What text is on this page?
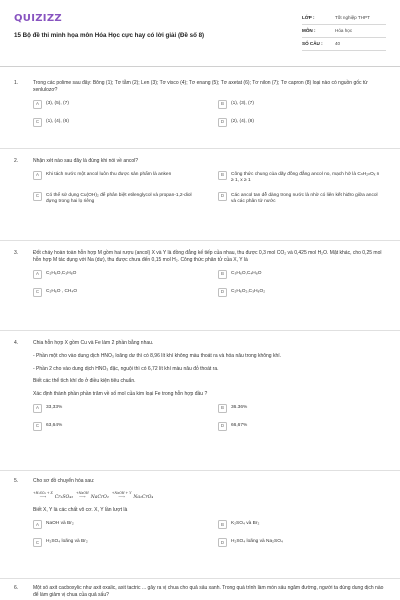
QUIZIZZ
15 Bộ đề thi minh họa môn Hóa Học cực hay có lời giải (Đề số 8)
LỚP :	Tốt nghiệp THPT
MÔN :	Hóa học
SỐ CÂU :	40
1.	Trong các polime sau đây: Bông (1); Tơ tằm (2); Len (3); Tơ visco (4); Tơ enang (5); Tơ axetat (6); Tơ nilon (7); Tơ capron (8) loại nào có nguồn gốc từ xenlulozơ?

A	(3), (5), (7)	B	(1), (3), (7)
C	(1), (4), (6)	D	(2), (4), (8)
2.	Nhận xét nào sau đây là đúng khi nói về ancol?

A	Khi tách nước một ancol luôn thu được sản phẩm là anken	B	Công thức chung của dãy đồng đẳng ancol no, mạch hở là CₙH₂ₙOₓ n ≥ 1, x ≥ 1
C	Có thể sử dụng Cu(OH)₂ để phân biệt etilenglycol và propan-1,2-diol đựng trong hai lọ riêng
D	Các ancol tan dễ dàng trong nước là nhờ có liên kết hiđro giữa ancol và các phân tử nước
3.	Đốt cháy hoàn toàn hỗn hợp M gồm hai rượu (ancol) X và Y là đồng đẳng kế tiếp của nhau, thu được 0,3 mol CO₂ và 0,425 mol H₂O. Mặt khác, cho 0,25 mol hỗn hợp M tác dụng với Na (dư), thu được chưa đến 0,15 mol H₂. Công thức phân tử của X, Y là

A	C₂H₆O,C₃H₈O	B	C₃H₆O,C₄H₈O
C	C₂H₆O , CH₄O	D	C₂H₆O₂,C₃H₈O₂
4.	Chia hỗn hợp X gồm Cu và Fe làm 2 phần bằng nhau.

- Phần một cho vào dung dịch HNO₃ loãng dư thì có 8,96 lít khí không màu thoát ra và hóa nâu trong không khí.

- Phần 2 cho vào dung dịch HNO₃ đặc, nguội thì có 6,72 lít khí màu nâu đỏ thoát ra.

Biết các thể tích khí đo ở điều kiện tiêu chuẩn.

Xác định thành phần phần trăm về số mol của kim loại Fe trong hỗn hợp đầu ?

A	33,33%	B	36.36%
C	63,64%	D	66,67%
5.	Cho sơ đồ chuyển hóa sau:

+H₂SO₄ + X
⟶ Cr₂SO₄₃
+NaOH
⟶ NaCrO₂
+NaOH + Y
⟶ Na₂CrO₄

Biết X, Y là các chất vô cơ. X, Y lần lượt là

A	NaOH và Br₂	B	K₂SO₄ và Br₂
C	H₂SO₄ loãng và Br₂	D	H₂SO₄ loãng và Na₂SO₄
6.	Một số axit cacboxylic như axit oxalic, axit tactric ... gây ra vị chua cho quả sấu xanh. Trong quá trình làm món sấu ngâm đường, người ta dùng dung dịch nào để làm giảm vị chua của quả sấu?
